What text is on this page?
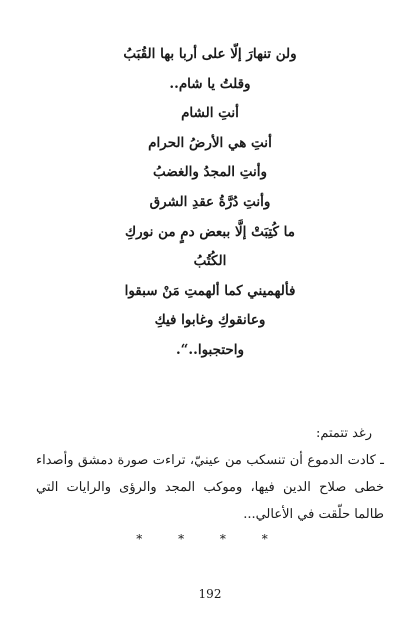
ولن تنهارَ إلّا على أربا بها القُبَبُ
وقلتُ يا شام..
أنتِ الشام
أنتِ هي الأرضُ الحرام
وأنتِ المجدُ والغضبُ
وأنتِ دُرَّةُ عقدِ الشرق
ما كُتِبَتْ إلَّا ببعض دمٍ من نوركِ
الكُتُبُ
فألهميني كما ألهمتِ مَنْ سبقوا
وعانقوكِ وغابوا فيكِ
واحتجبوا..“.
رغد تتمتم:
ـ كادت الدموع أن تنسكب من عينيّ، تراءت صورة دمشق وأصداء خطى صلاح الدين فيها، وموكب المجد والرؤى والرايات التي طالما حلّقت في الأعالي...
* * * *
192
